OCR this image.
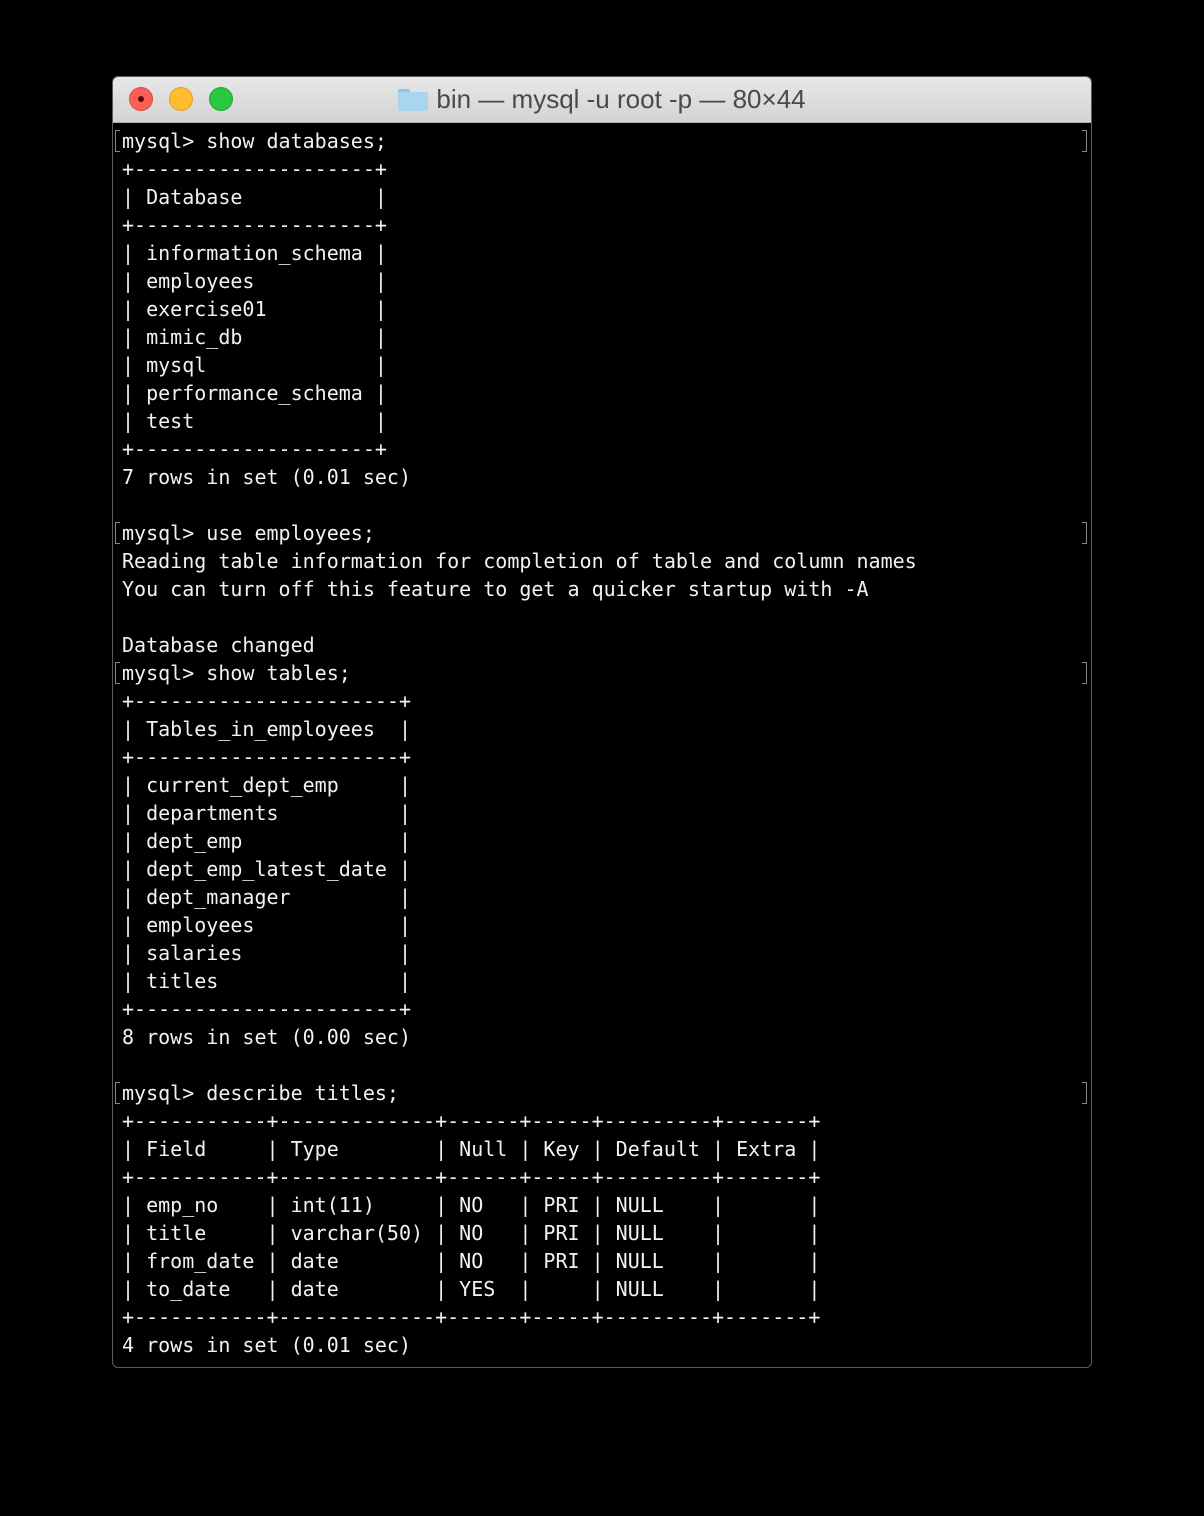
bin — mysql -u root -p — 80×44
mysql> show databases;
+--------------------+
| Database           |
+--------------------+
| information_schema |
| employees          |
| exercise01         |
| mimic_db           |
| mysql              |
| performance_schema |
| test               |
+--------------------+
7 rows in set (0.01 sec)
mysql> use employees;
Reading table information for completion of table and column names
You can turn off this feature to get a quicker startup with -A
Database changed
mysql> show tables;
+----------------------+
| Tables_in_employees  |
+----------------------+
| current_dept_emp     |
| departments          |
| dept_emp             |
| dept_emp_latest_date |
| dept_manager         |
| employees            |
| salaries             |
| titles               |
+----------------------+
8 rows in set (0.00 sec)
mysql> describe titles;
+-----------+-------------+------+-----+---------+-------+
| Field     | Type        | Null | Key | Default | Extra |
+-----------+-------------+------+-----+---------+-------+
| emp_no    | int(11)     | NO   | PRI | NULL    |       |
| title     | varchar(50) | NO   | PRI | NULL    |       |
| from_date | date        | NO   | PRI | NULL    |       |
| to_date   | date        | YES  |     | NULL    |       |
+-----------+-------------+------+-----+---------+-------+
4 rows in set (0.01 sec)
